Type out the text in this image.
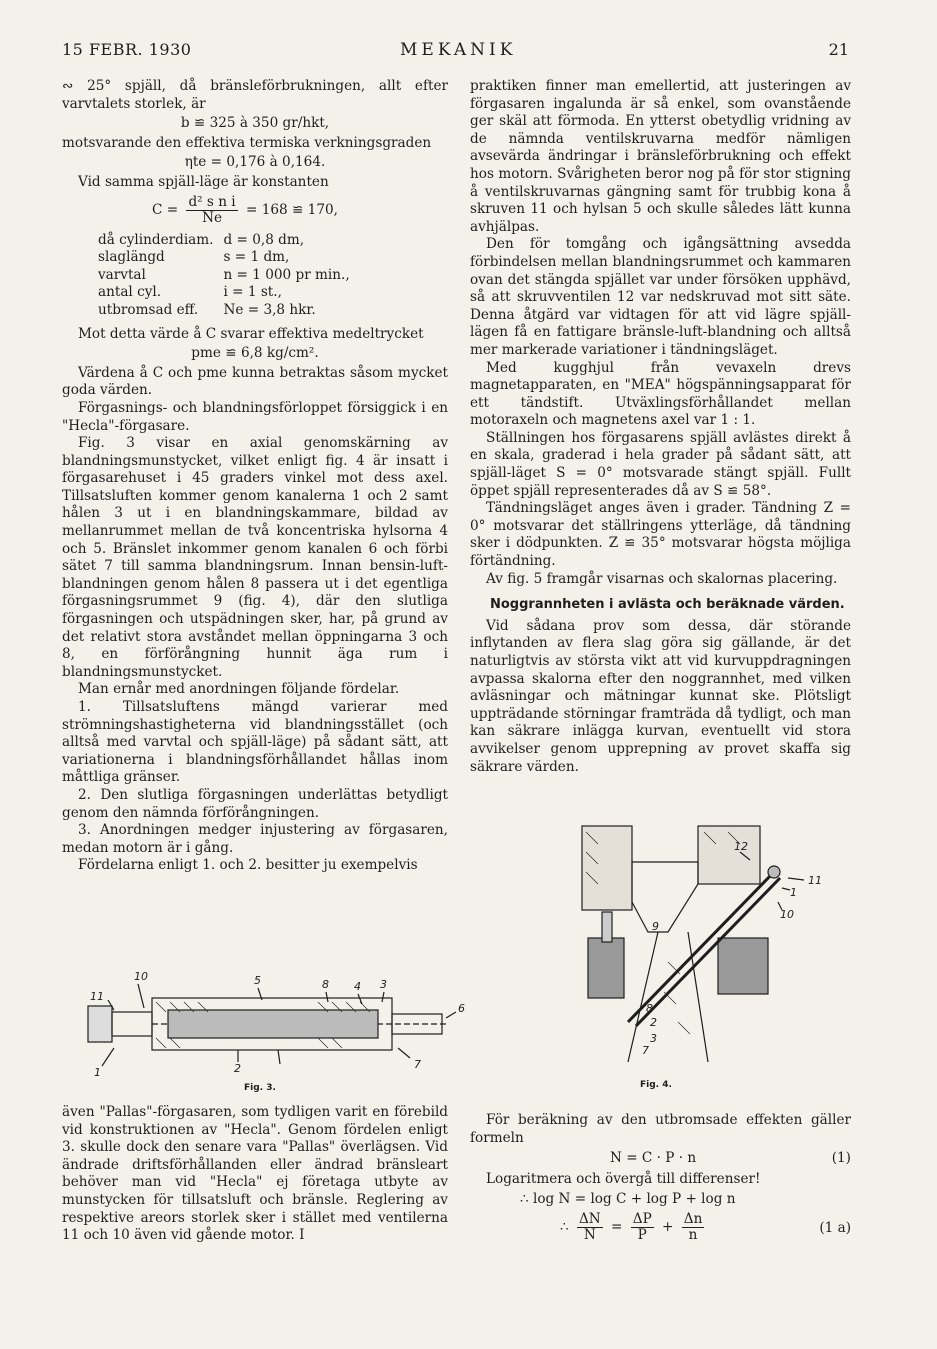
15 FEBR. 1930	MEKANIK	21

∾ 25° spjäll, då bränsleförbrukningen, allt efter varvtalets storlek, är

b ≌ 325 à 350 gr/hkt,

motsvarande den effektiva termiska verkningsgraden

ηte = 0,176 à 0,164.

Vid samma spjäll-läge är konstanten

$C = \frac{\text{d² s n i}}{Ne} = 168$ ≌ 170,
då cylinderdiam.	d = 0,8 dm,
slaglängd	s = 1 dm,
varvtal	n = 1 000 pr min.,
antal cyl.	i = 1 st.,
utbromsad eff.	Ne = 3,8 hkr.

Mot detta värde å C svarar effektiva medeltrycket

pme ≌ 6,8 kg/cm².

Värdena å C och pme kunna betraktas såsom mycket goda värden.

Förgasnings- och blandningsförloppet försiggick i en "Hecla"-förgasare.

Fig. 3 visar en axial genomskärning av blandningsmunstycket, vilket enligt fig. 4 är insatt i förgasarehuset i 45 graders vinkel mot dess axel. Tillsatsluften kommer genom kanalerna 1 och 2 samt hålen 3 ut i en blandningskammare, bildad av mellanrummet mellan de två koncentriska hylsorna 4 och 5. Bränslet inkommer genom kanalen 6 och förbi sätet 7 till samma blandningsrum. Innan bensin-luft-blandningen genom hålen 8 passera ut i det egentliga förgasningsrummet 9 (fig. 4), där den slutliga förgasningen och utspädningen sker, har, på grund av det relativt stora avståndet mellan öppningarna 3 och 8, en förförångning hunnit äga rum i blandningsmunstycket.

Man ernår med anordningen följande fördelar.

1. Tillsatsluftens mängd varierar med strömningshastigheterna vid blandningsstället (och alltså med varvtal och spjäll-läge) på sådant sätt, att variationerna i blandningsförhållandet hållas inom måttliga gränser.

2. Den slutliga förgasningen underlättas betydligt genom den nämnda förförångningen.

3. Anordningen medger injustering av förgasaren, medan motorn är i gång.

Fördelarna enligt 1. och 2. besitter ju exempelvis

praktiken finner man emellertid, att justeringen av förgasaren ingalunda är så enkel, som ovanstående ger skäl att förmoda. En ytterst obetydlig vridning av de nämnda ventilskruvarna medför nämligen avsevärda ändringar i bränsleförbrukning och effekt hos motorn. Svårigheten beror nog på för stor stigning å ventilskruvarnas gängning samt för trubbig kona å skruven 11 och hylsan 5 och skulle således lätt kunna avhjälpas.

Den för tomgång och igångsättning avsedda förbindelsen mellan blandningsrummet och kammaren ovan det stängda spjället var under försöken upphävd, så att skruvventilen 12 var nedskruvad mot sitt säte. Denna åtgärd var vidtagen för att vid lägre spjäll-lägen få en fattigare bränsle-luft-blandning och alltså mer markerade variationer i tändningsläget.

Med kugghjul från vevaxeln drevs magnetapparaten, en "MEA" högspänningsapparat för ett tändstift. Utväxlingsförhållandet mellan motoraxeln och magnetens axel var 1 : 1.

Ställningen hos förgasarens spjäll avlästes direkt å en skala, graderad i hela grader på sådant sätt, att spjäll-läget S = 0° motsvarade stängt spjäll. Fullt öppet spjäll representerades då av S ≌ 58°.

Tändningsläget anges även i grader. Tändning Z = 0° motsvarar det ställringens ytterläge, då tändning sker i dödpunkten. Z ≌ 35° motsvarar högsta möjliga förtändning.

Av fig. 5 framgår visarnas och skalornas placering.

Noggrannheten i avlästa och beräknade värden.

Vid sådana prov som dessa, där störande inflytanden av flera slag göra sig gällande, är det naturligtvis av största vikt att vid kurvuppdragningen avpassa skalorna efter den noggrannhet, med vilken avläsningar och mätningar kunnat ske. Plötsligt uppträdande störningar framträda då tydligt, och man kan säkrare inlägga kurvan, eventuellt vid stora avvikelser genom upprepning av provet skaffa sig säkrare värden.

10
11
5	8 4 3
6
1	2	7
Fig. 3.
12
11
1
10
9
8
2
3
7
Fig. 4.

även "Pallas"-förgasaren, som tydligen varit en förebild vid konstruktionen av "Hecla". Genom fördelen enligt 3. skulle dock den senare vara "Pallas" överlägsen. Vid ändrade driftsförhållanden eller ändrad bränsleart behöver man vid "Hecla" ej företaga utbyte av munstycken för tillsatsluft och bränsle. Reglering av respektive areors storlek sker i stället med ventilerna 11 och 10 även vid gående motor. I

För beräkning av den utbromsade effekten gäller formeln

(1)
N = C · P · n

Logaritmera och övergå till differenser!

∴ log N = log C + log P + log n
(1 a)
∴ $\frac{\Delta N}{N} = \frac{\Delta P}{P} + \frac{\Delta n}{n}$
